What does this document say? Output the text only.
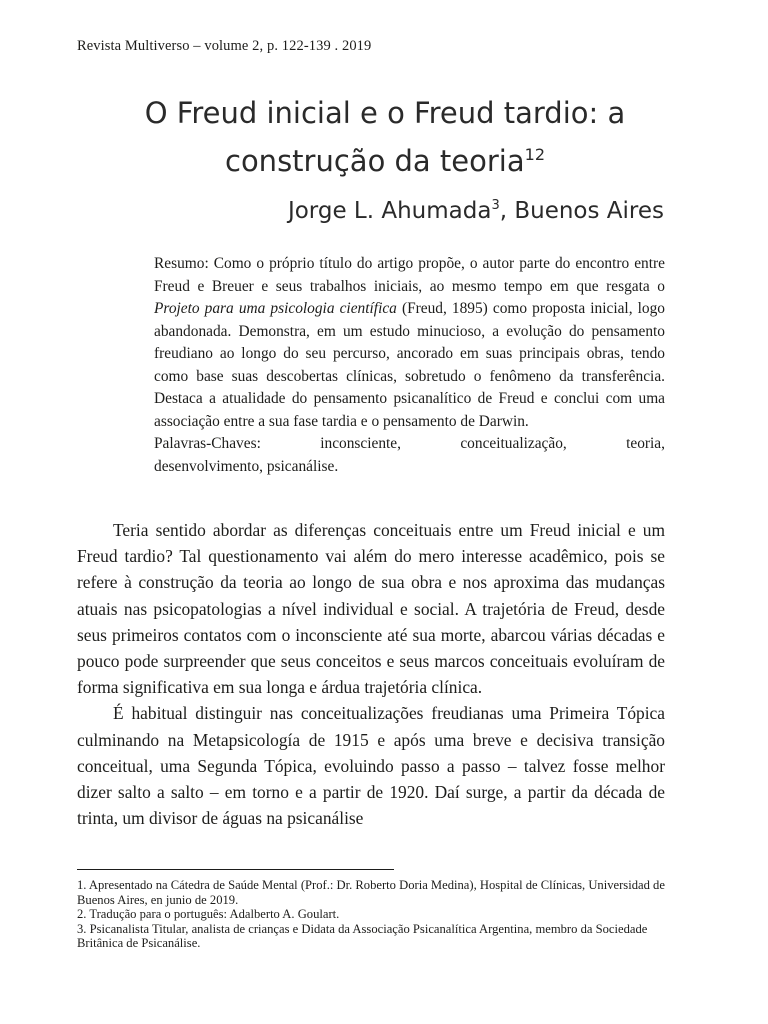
Revista Multiverso – volume 2, p. 122-139 . 2019
O Freud inicial e o Freud tardio: a
construção da teoria$^{12}$
Jorge L. Ahumada$^3$, Buenos Aires

Resumo: Como o próprio título do artigo propõe, o autor parte do encontro entre Freud e Breuer e seus trabalhos iniciais, ao mesmo tempo em que resgata o Projeto para uma psicologia científica (Freud, 1895) como proposta inicial, logo abandonada. Demonstra, em um estudo minucioso, a evolução do pensamento freudiano ao longo do seu percurso, ancorado em suas principais obras, tendo como base suas descobertas clínicas, sobretudo o fenômeno da transferência. Destaca a atualidade do pensamento psicanalítico de Freud e conclui com uma associação entre a sua fase tardia e o pensamento de Darwin.

Palavras-Chaves: inconsciente, conceitualização, teoria,

desenvolvimento, psicanálise.

Teria sentido abordar as diferenças conceituais entre um Freud inicial e um Freud tardio? Tal questionamento vai além do mero interesse acadêmico, pois se refere à construção da teoria ao longo de sua obra e nos aproxima das mudanças atuais nas psicopatologias a nível individual e social. A trajetória de Freud, desde seus primeiros contatos com o inconsciente até sua morte, abarcou várias décadas e pouco pode surpreender que seus conceitos e seus marcos conceituais evoluíram de forma significativa em sua longa e árdua trajetória clínica.

É habitual distinguir nas conceitualizações freudianas uma Primeira Tópica culminando na Metapsicología de 1915 e após uma breve e decisiva transição conceitual, uma Segunda Tópica, evoluindo passo a passo – talvez fosse melhor dizer salto a salto – em torno e a partir de 1920. Daí surge, a partir da década de trinta, um divisor de águas na psicanálise

1. Apresentado na Cátedra de Saúde Mental (Prof.: Dr. Roberto Doria Medina), Hospital de Clínicas, Universidad de Buenos Aires, en junio de 2019.

2. Tradução para o português: Adalberto A. Goulart.

3. Psicanalista Titular, analista de crianças e Didata da Associação Psicanalítica Argentina, membro da Sociedade Britânica de Psicanálise.
